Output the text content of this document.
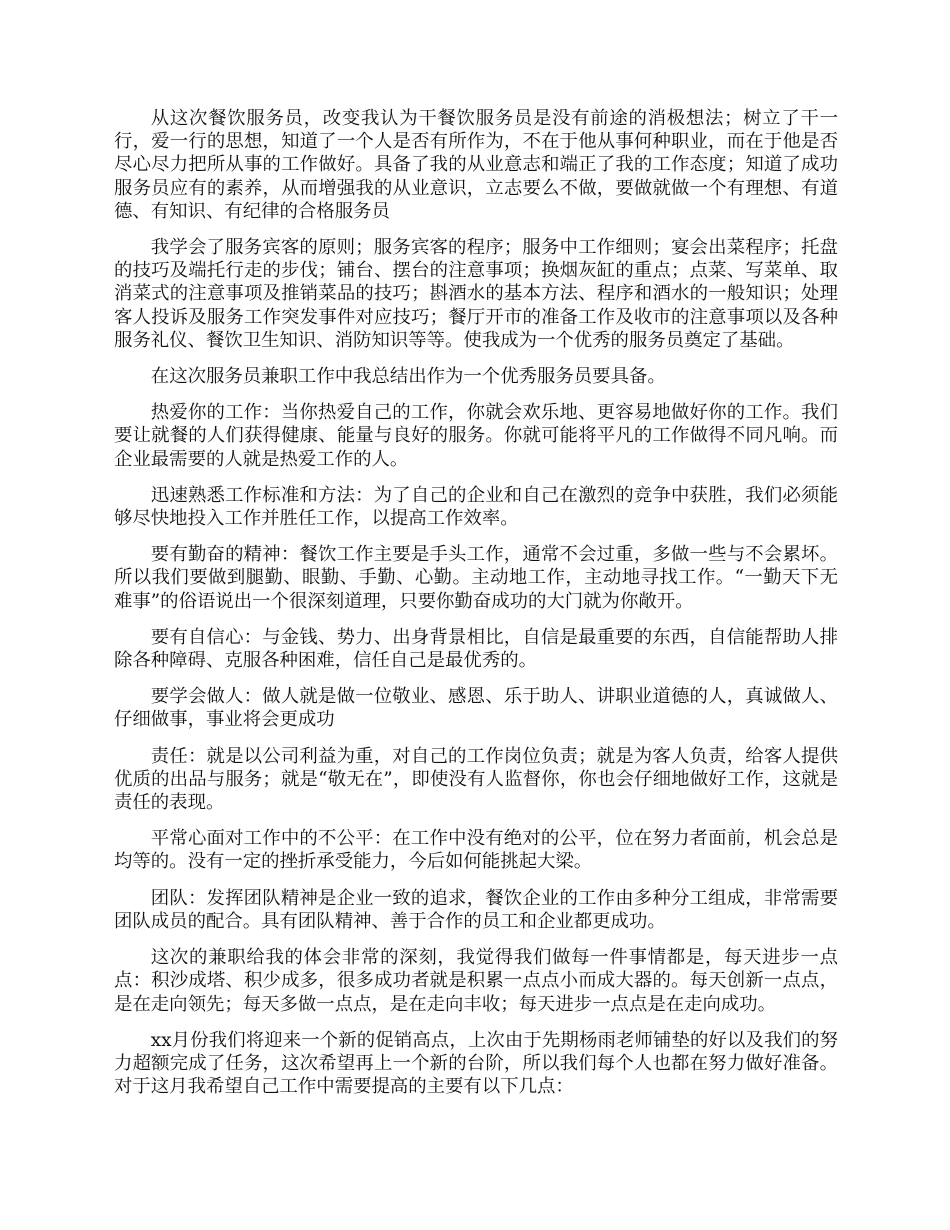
从这次餐饮服务员，改变我认为干餐饮服务员是没有前途的消极想法；树立了干一行，爱一行的思想，知道了一个人是否有所作为，不在于他从事何种职业，而在于他是否尽心尽力把所从事的工作做好。具备了我的从业意志和端正了我的工作态度；知道了成功服务员应有的素养，从而增强我的从业意识，立志要么不做，要做就做一个有理想、有道德、有知识、有纪律的合格服务员

我学会了服务宾客的原则；服务宾客的程序；服务中工作细则；宴会出菜程序；托盘的技巧及端托行走的步伐；铺台、摆台的注意事项；换烟灰缸的重点；点菜、写菜单、取消菜式的注意事项及推销菜品的技巧；斟酒水的基本方法、程序和酒水的一般知识；处理客人投诉及服务工作突发事件对应技巧；餐厅开市的准备工作及收市的注意事项以及各种服务礼仪、餐饮卫生知识、消防知识等等。使我成为一个优秀的服务员奠定了基础。

在这次服务员兼职工作中我总结出作为一个优秀服务员要具备。

热爱你的工作：当你热爱自己的工作，你就会欢乐地、更容易地做好你的工作。我们要让就餐的人们获得健康、能量与良好的服务。你就可能将平凡的工作做得不同凡响。而企业最需要的人就是热爱工作的人。

迅速熟悉工作标准和方法：为了自己的企业和自己在激烈的竞争中获胜，我们必须能够尽快地投入工作并胜任工作，以提高工作效率。

要有勤奋的精神：餐饮工作主要是手头工作，通常不会过重，多做一些与不会累坏。所以我们要做到腿勤、眼勤、手勤、心勤。主动地工作，主动地寻找工作。“一勤天下无难事”的俗语说出一个很深刻道理，只要你勤奋成功的大门就为你敞开。

要有自信心：与金钱、势力、出身背景相比，自信是最重要的东西，自信能帮助人排除各种障碍、克服各种困难，信任自己是最优秀的。

要学会做人：做人就是做一位敬业、感恩、乐于助人、讲职业道德的人，真诚做人、仔细做事，事业将会更成功

责任：就是以公司利益为重，对自己的工作岗位负责；就是为客人负责，给客人提供优质的出品与服务；就是“敬无在”，即使没有人监督你，你也会仔细地做好工作，这就是责任的表现。

平常心面对工作中的不公平：在工作中没有绝对的公平，位在努力者面前，机会总是均等的。没有一定的挫折承受能力，今后如何能挑起大梁。

团队：发挥团队精神是企业一致的追求，餐饮企业的工作由多种分工组成，非常需要团队成员的配合。具有团队精神、善于合作的员工和企业都更成功。

这次的兼职给我的体会非常的深刻，我觉得我们做每一件事情都是，每天进步一点点：积沙成塔、积少成多，很多成功者就是积累一点点小而成大器的。每天创新一点点，是在走向领先；每天多做一点点，是在走向丰收；每天进步一点点是在走向成功。

xx月份我们将迎来一个新的促销高点，上次由于先期杨雨老师铺垫的好以及我们的努力超额完成了任务，这次希望再上一个新的台阶，所以我们每个人也都在努力做好准备。 对于这月我希望自己工作中需要提高的主要有以下几点：
